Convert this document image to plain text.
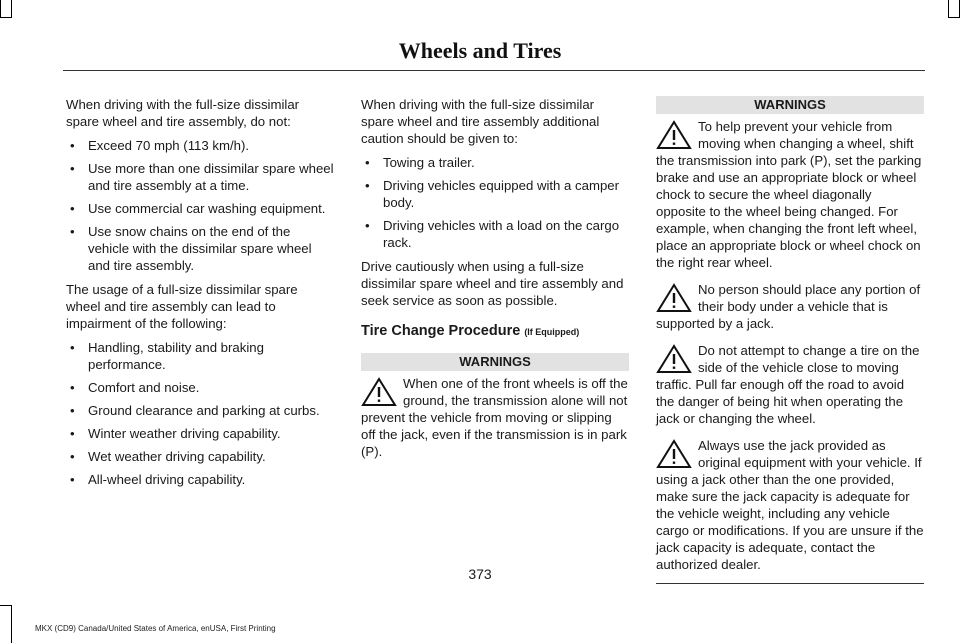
Wheels and Tires

When driving with the full-size dissimilar spare wheel and tire assembly, do not:

• Exceed 70 mph (113 km/h).
• Use more than one dissimilar spare wheel and tire assembly at a time.
• Use commercial car washing equipment.
• Use snow chains on the end of the vehicle with the dissimilar spare wheel and tire assembly.

The usage of a full-size dissimilar spare wheel and tire assembly can lead to impairment of the following:

• Handling, stability and braking performance.
• Comfort and noise.
• Ground clearance and parking at curbs.
• Winter weather driving capability.
• Wet weather driving capability.
• All-wheel driving capability.

When driving with the full-size dissimilar spare wheel and tire assembly additional caution should be given to:

• Towing a trailer.
• Driving vehicles equipped with a camper body.
• Driving vehicles with a load on the cargo rack.

Drive cautiously when using a full-size dissimilar spare wheel and tire assembly and seek service as soon as possible.

Tire Change Procedure (If Equipped)
WARNINGS
When one of the front wheels is off the ground, the transmission alone will not prevent the vehicle from moving or slipping off the jack, even if the transmission is in park (P).
WARNINGS
To help prevent your vehicle from moving when changing a wheel, shift the transmission into park (P), set the parking brake and use an appropriate block or wheel chock to secure the wheel diagonally opposite to the wheel being changed. For example, when changing the front left wheel, place an appropriate block or wheel chock on the right rear wheel.
No person should place any portion of their body under a vehicle that is supported by a jack.
Do not attempt to change a tire on the side of the vehicle close to moving traffic. Pull far enough off the road to avoid the danger of being hit when operating the jack or changing the wheel.
Always use the jack provided as original equipment with your vehicle. If using a jack other than the one provided, make sure the jack capacity is adequate for the vehicle weight, including any vehicle cargo or modifications. If you are unsure if the jack capacity is adequate, contact the authorized dealer.
373
MKX (CD9) Canada/United States of America, enUSA, First Printing
